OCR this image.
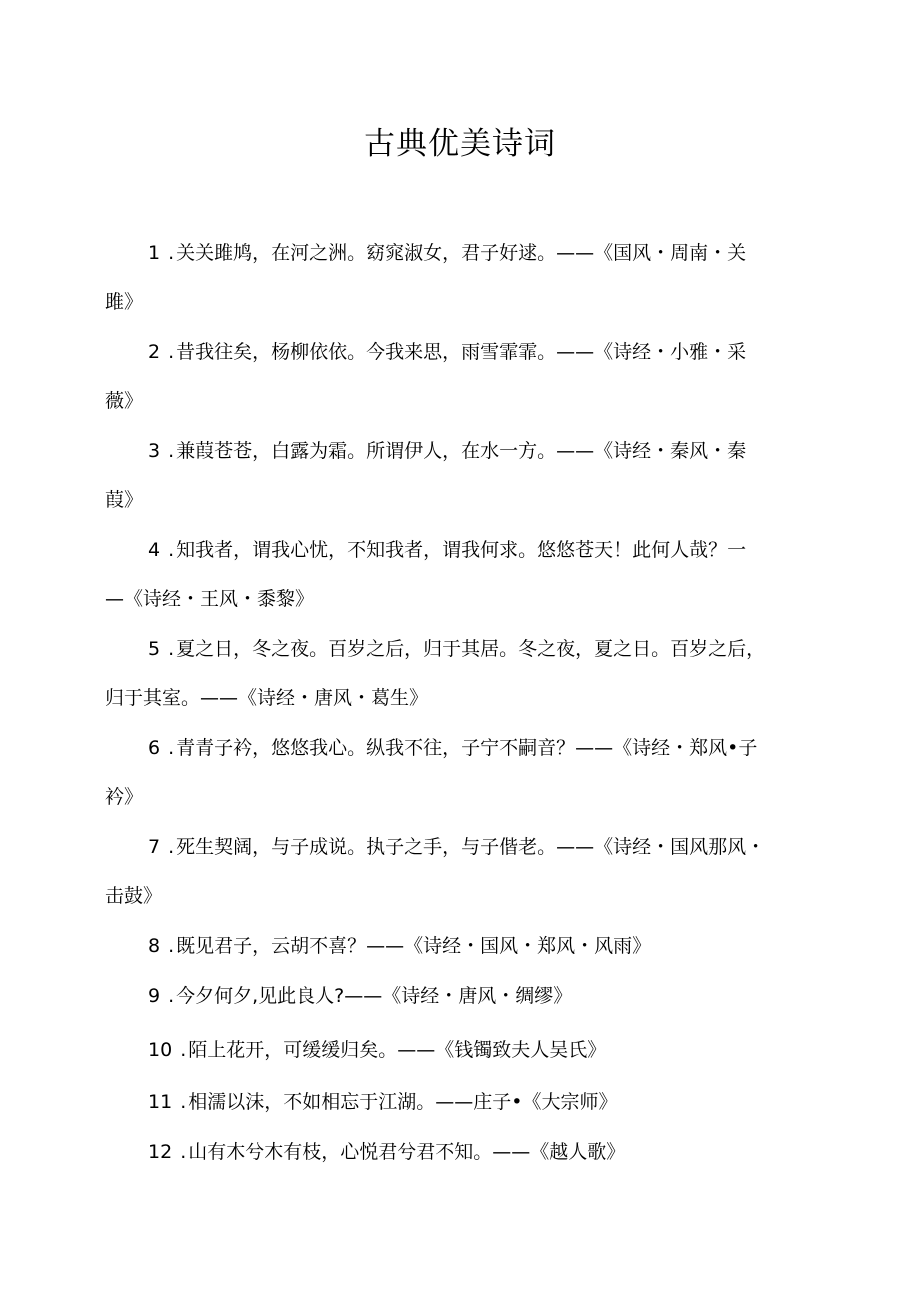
古典优美诗词
1 . 关关雎鸠，在河之洲。窈窕淑女，君子好逑。——《国风・周南・关
雎》
2 . 昔我往矣，杨柳依依。今我来思，雨雪霏霏。——《诗经・小雅・采
薇》
3 . 兼葭苍苍，白露为霜。所谓伊人，在水一方。——《诗经・秦风・秦
葭》
4 . 知我者，谓我心忧，不知我者，谓我何求。悠悠苍天！此何人哉？一
—《诗经・王风・黍黎》
5 . 夏之日，冬之夜。百岁之后，归于其居。冬之夜，夏之日。百岁之后，
归于其室。——《诗经・唐风・葛生》
6 . 青青子衿，悠悠我心。纵我不往，子宁不嗣音？——《诗经・郑风•子
衿》
7 . 死生契阔，与子成说。执子之手，与子偕老。——《诗经・国风那风・
击鼓》
8 . 既见君子，云胡不喜？——《诗经・国风・郑风・风雨》
9 . 今夕何夕,见此良人?——《诗经・唐风・绸缪》
10 . 陌上花开，可缓缓归矣。——《钱镯致夫人吴氏》
11 . 相濡以沫，不如相忘于江湖。——庄子•《大宗师》
12 . 山有木兮木有枝，心悦君兮君不知。——《越人歌》
